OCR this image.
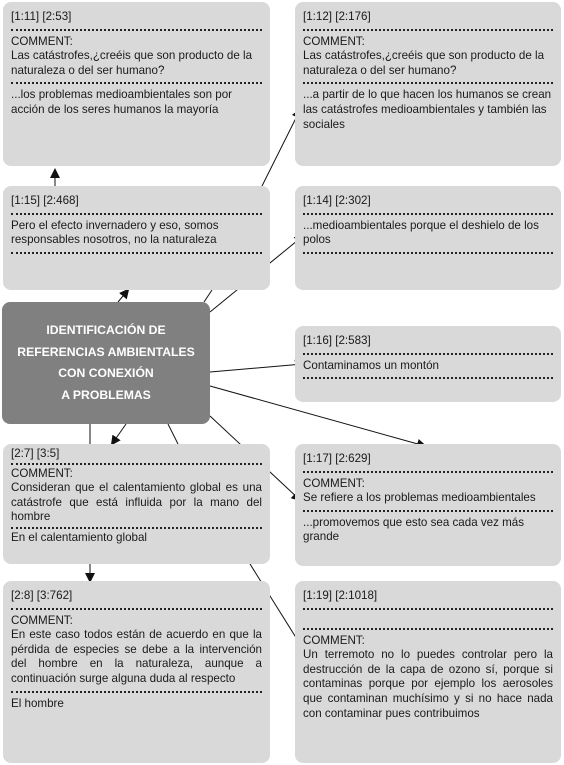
IDENTIFICACIÓN DE
REFERENCIAS AMBIENTALES
CON CONEXIÓN
A PROBLEMAS
[1:11] [2:53]
COMMENT:
Las catástrofes,¿creéis que son producto de la naturaleza o del ser humano?
...los problemas medioambientales son por acción de los seres humanos la mayoría
[1:12] [2:176]
COMMENT:
Las catástrofes,¿creéis que son producto de la naturaleza o del ser humano?
...a partir de lo que hacen los humanos se crean las catástrofes medioambientales y también las sociales
[1:15] [2:468]
Pero el efecto invernadero y eso, somos responsables nosotros, no la naturaleza
[1:14] [2:302]
...medioambientales porque el deshielo de los polos
[1:16] [2:583]
Contaminamos un montón
[2:7] [3:5]
COMMENT:
Consideran que el calentamiento global es una catástrofe que está influida por la mano del hombre
En el calentamiento global
[1:17] [2:629]
COMMENT:
Se refiere a los problemas medioambientales
...promovemos que esto sea cada vez más grande
[2:8] [3:762]
COMMENT:
En este caso todos están de acuerdo en que la pérdida de especies se debe a la intervención del hombre en la naturaleza, aunque a continuación surge alguna duda al respecto
El hombre
[1:19] [2:1018]
COMMENT:
Un terremoto no lo puedes controlar pero la destrucción de la capa de ozono sí, porque si contaminas porque por ejemplo los aerosoles que contaminan muchísimo y si no hace nada con contaminar pues contribuimos
